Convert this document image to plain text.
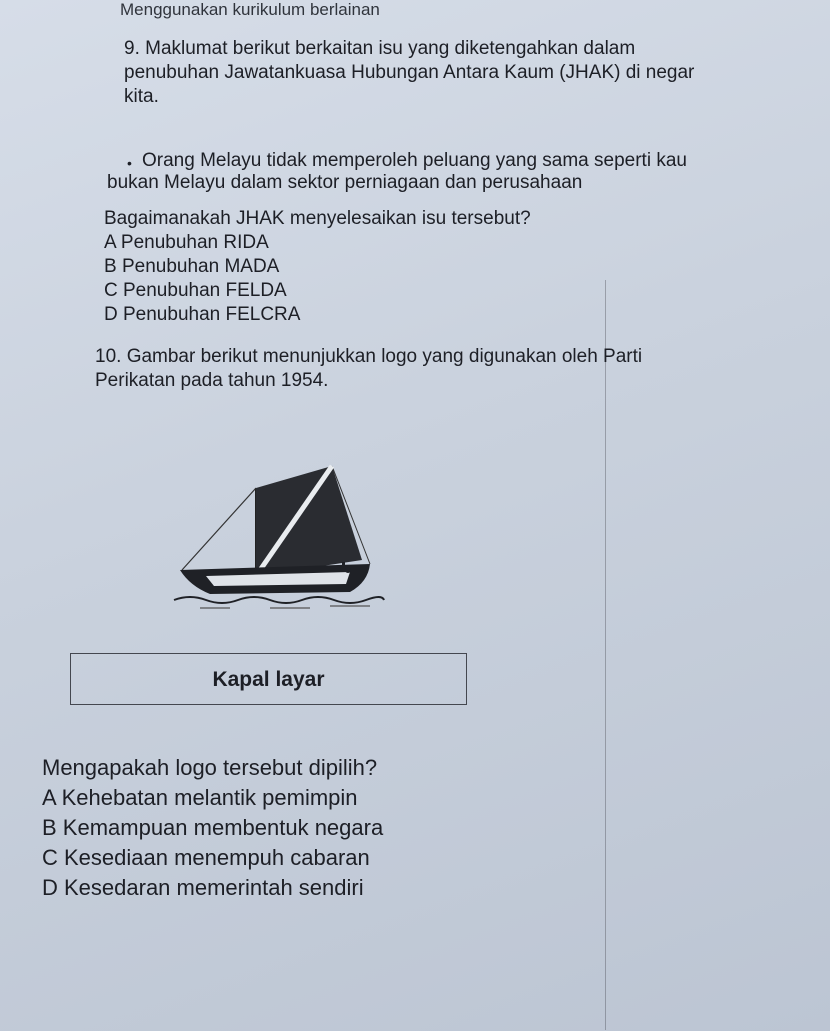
Menggunakan kurikulum berlainan
9. Maklumat berikut berkaitan isu yang diketengahkan dalam
penubuhan Jawatankuasa Hubungan Antara Kaum (JHAK) di negar
kita.
• Orang Melayu tidak memperoleh peluang yang sama seperti kau
bukan Melayu dalam sektor perniagaan dan perusahaan
Bagaimanakah JHAK menyelesaikan isu tersebut?
A Penubuhan RIDA
B Penubuhan MADA
C Penubuhan FELDA
D Penubuhan FELCRA
10. Gambar berikut menunjukkan logo yang digunakan oleh Parti
Perikatan pada tahun 1954.
Kapal layar
Mengapakah logo tersebut dipilih?
A Kehebatan melantik pemimpin
B Kemampuan membentuk negara
C Kesediaan menempuh cabaran
D Kesedaran memerintah sendiri
